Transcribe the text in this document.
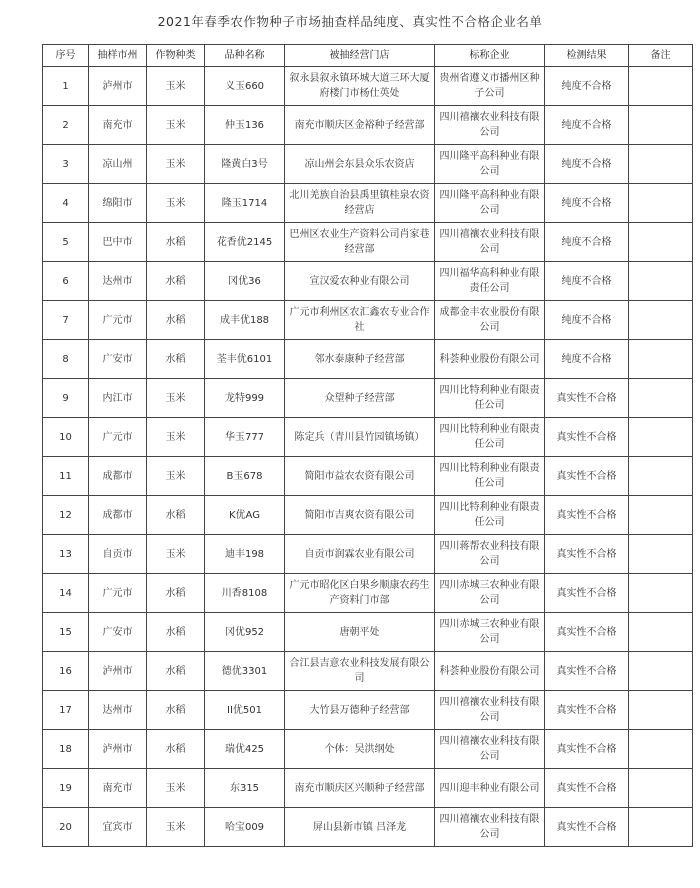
2021年春季农作物种子市场抽查样品纯度、真实性不合格企业名单
序号	抽样市州	作物种类	品种名称	被抽经营门店	标称企业	检测结果	备注
1	泸州市	玉米	义玉660	叙永县叙永镇环城大道三环大厦府楼门市杨仕英处	贵州省遵义市播州区种子公司	纯度不合格	
2	南充市	玉米	仲玉136	南充市顺庆区金裕种子经营部	四川禧禳农业科技有限公司	纯度不合格	
3	凉山州	玉米	隆黄白3号	凉山州会东县众乐农资店	四川隆平高科种业有限公司	纯度不合格	
4	绵阳市	玉米	隆玉1714	北川羌族自治县禹里镇桂泉农资经营店	四川隆平高科种业有限公司	纯度不合格	
5	巴中市	水稻	花香优2145	巴州区农业生产资料公司肖家巷经营部	四川禧禳农业科技有限公司	纯度不合格	
6	达州市	水稻	冈优36	宣汉爱农种业有限公司	四川福华高科种业有限责任公司	纯度不合格	
7	广元市	水稻	成丰优188	广元市利州区农汇鑫农专业合作社	成都金丰农业股份有限公司	纯度不合格	
8	广安市	水稻	荃丰优6101	邻水泰康种子经营部	科荟种业股份有限公司	纯度不合格	
9	内江市	玉米	龙特999	众望种子经营部	四川比特利种业有限责任公司	真实性不合格	
10	广元市	玉米	华玉777	陈定兵（青川县竹园镇场镇）	四川比特利种业有限责任公司	真实性不合格	
11	成都市	玉米	B玉678	简阳市益农农资有限公司	四川比特利种业有限责任公司	真实性不合格	
12	成都市	水稻	K优AG	简阳市吉爽农资有限公司	四川比特利种业有限责任公司	真实性不合格	
13	自贡市	玉米	迪丰198	自贡市润霖农业有限公司	四川蒋帮农业科技有限公司	真实性不合格	
14	广元市	水稻	川香8108	广元市昭化区白果乡顺康农药生产资料门市部	四川赤城三农种业有限公司	真实性不合格	
15	广安市	水稻	冈优952	唐朝平处	四川赤城三农种业有限公司	真实性不合格	
16	泸州市	水稻	德优3301	合江县吉意农业科技发展有限公司	科荟种业股份有限公司	真实性不合格	
17	达州市	水稻	II优501	大竹县万德种子经营部	四川禧禳农业科技有限公司	真实性不合格	
18	泸州市	水稻	瑞优425	个体：吴洪纲处	四川禧禳农业科技有限公司	真实性不合格	
19	南充市	玉米	东315	南充市顺庆区兴顺种子经营部	四川迎丰种业有限公司	真实性不合格	
20	宜宾市	玉米	哈宝009	屏山县新市镇 吕泽龙	四川禧禳农业科技有限公司	真实性不合格	
